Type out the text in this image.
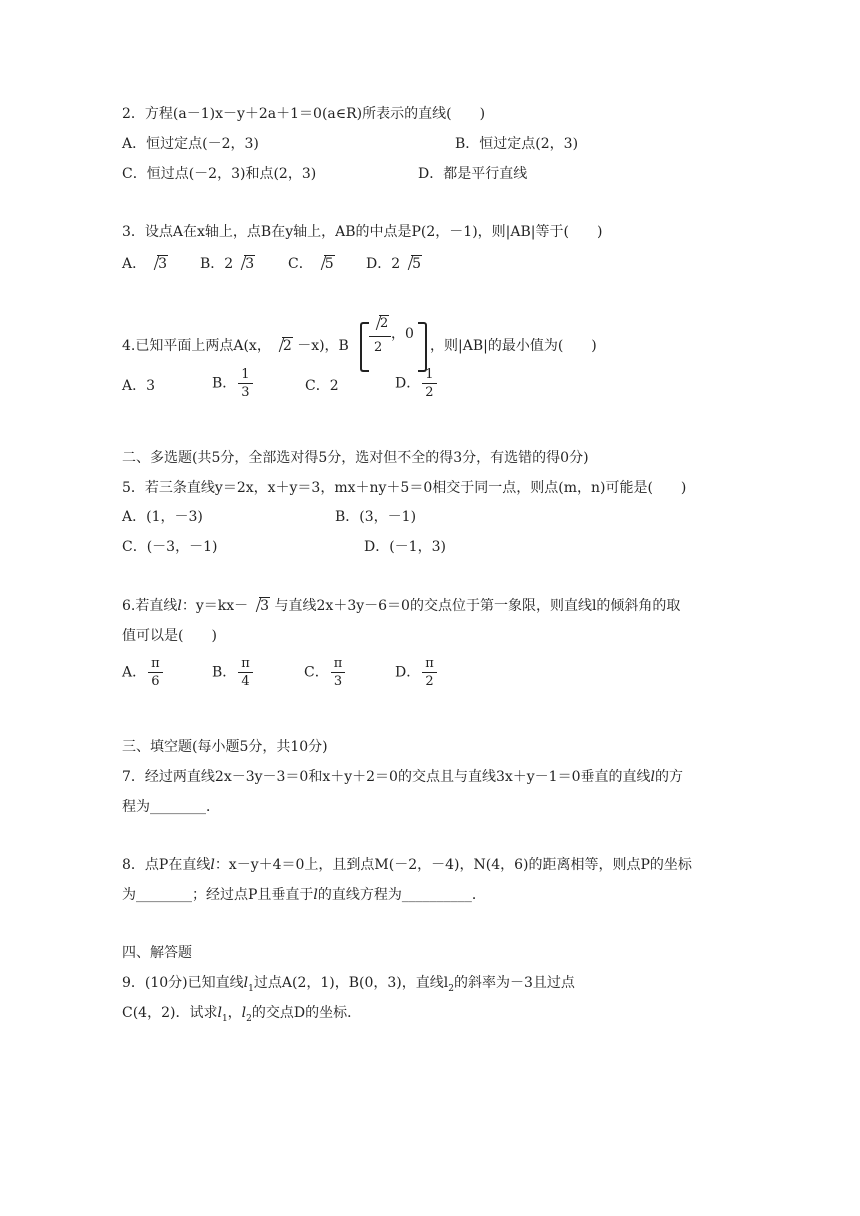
2．方程(a－1)x－y＋2a＋1＝0(a∈R)所表示的直线(　　)
A．恒过定点(－2，3)	B．恒过定点(2，3)
C．恒过点(－2，3)和点(2，3)	D．都是平行直线
3．设点A在x轴上，点B在y轴上，AB的中点是P(2，－1)，则|AB|等于(　　)
A． 3 B．2 3 C． 5 D．2 5
4.已知平面上两点A(x， 2 －x)，B
2
2
，0
，则|AB|的最小值为(　　)
A．3	B． $\frac{1}{3}$	C．2	D． $\frac{1}{2}$
二、多选题(共5分，全部选对得5分，选对但不全的得3分，有选错的得0分)
5．若三条直线y＝2x，x＋y＝3，mx＋ny＋5＝0相交于同一点，则点(m，n)可能是(　　)
A．(1，－3)	B．(3，－1)
C．(－3，－1)	D．(－1，3)
6.若直线l：y＝kx－ 3 与直线2x＋3y－6＝0的交点位于第一象限，则直线l的倾斜角的取
值可以是(　　)
A． $\frac{\pi}{6}$	B． $\frac{\pi}{4}$	C． $\frac{\pi}{3}$	D． $\frac{\pi}{2}$
三、填空题(每小题5分，共10分)
7．经过两直线2x－3y－3＝0和x＋y＋2＝0的交点且与直线3x＋y－1＝0垂直的直线l的方
程为________．
8．点P在直线l：x－y＋4＝0上，且到点M(－2，－4)，N(4，6)的距离相等，则点P的坐标
为________；经过点P且垂直于l的直线方程为__________．
四、解答题
9．(10分)已知直线$l_1$过点A(2，1)，B(0，3)，直线$l_2$的斜率为－3且过点
C(4，2)．试求$l_1$，$l_2$的交点D的坐标．
